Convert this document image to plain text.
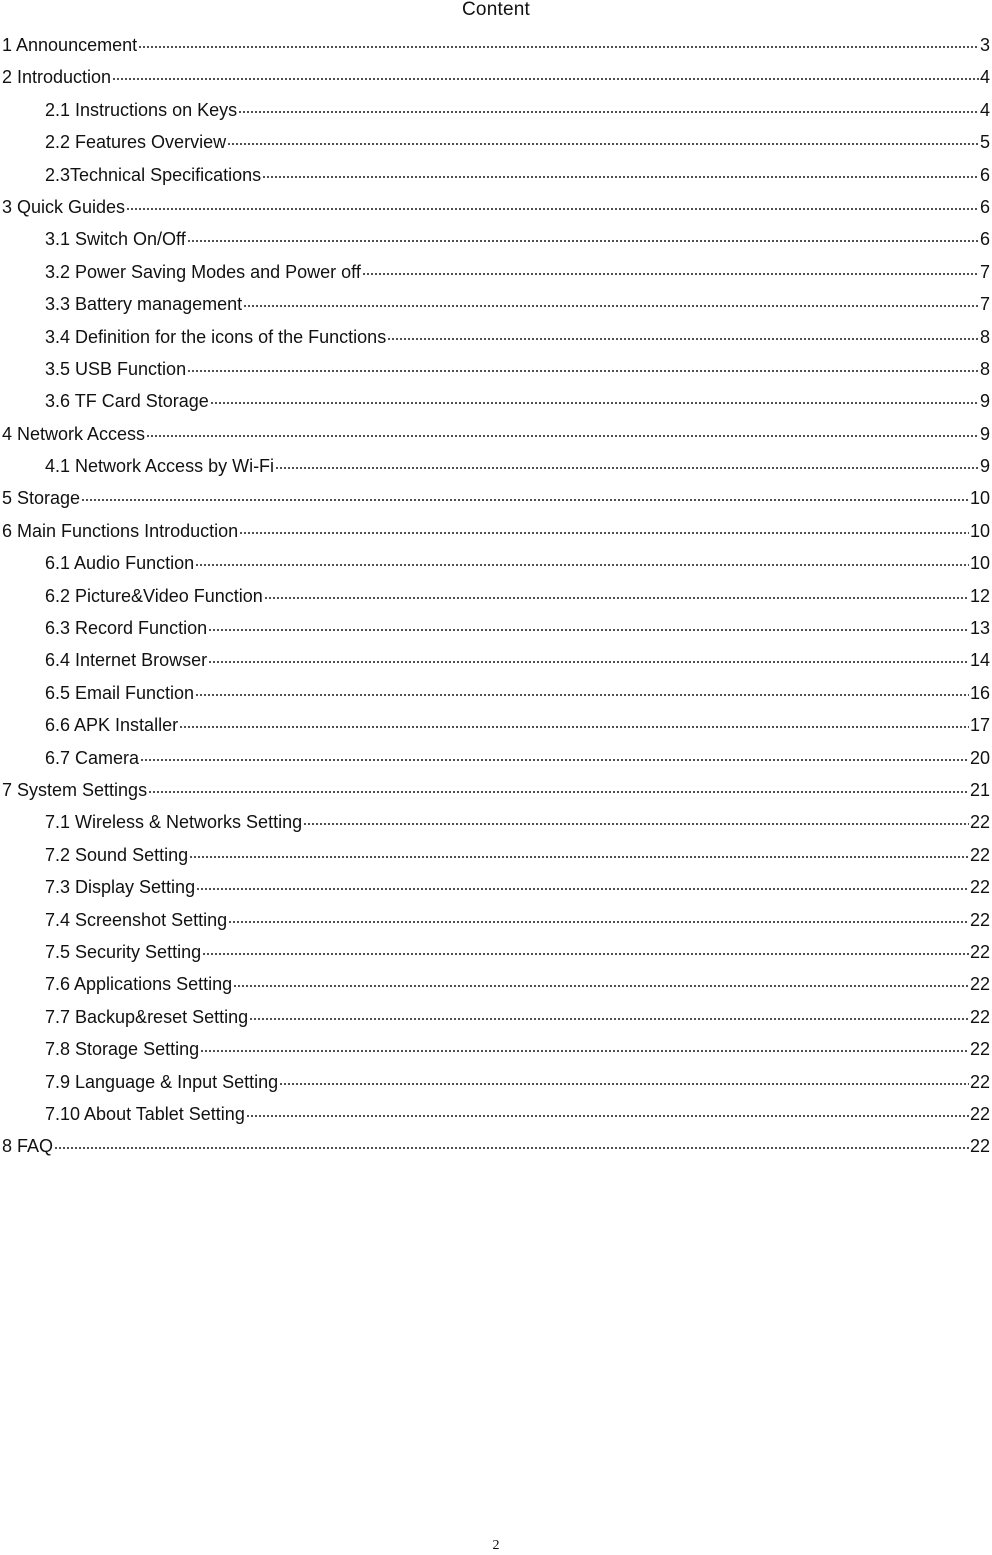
Content
1 Announcement	3
2 Introduction	4
2.1 Instructions on Keys	4
2.2 Features Overview	5
2.3Technical Specifications	6
3 Quick Guides	6
3.1 Switch On/Off	6
3.2 Power Saving Modes and Power off	7
3.3 Battery management	7
3.4 Definition for the icons of the Functions	8
3.5 USB Function	8
3.6 TF Card Storage	9
4 Network Access	9
4.1 Network Access by Wi-Fi	9
5 Storage	10
6 Main Functions Introduction	10
6.1 Audio Function	10
6.2 Picture&Video Function	12
6.3 Record Function	13
6.4 Internet Browser	14
6.5 Email Function	16
6.6 APK Installer	17
6.7 Camera	20
7 System Settings	21
7.1 Wireless & Networks Setting	22
7.2 Sound Setting	22
7.3 Display Setting	22
7.4 Screenshot Setting	22
7.5 Security Setting	22
7.6 Applications Setting	22
7.7 Backup&reset Setting	22
7.8 Storage Setting	22
7.9 Language & Input Setting	22
7.10 About Tablet Setting	22
8 FAQ	22
2
